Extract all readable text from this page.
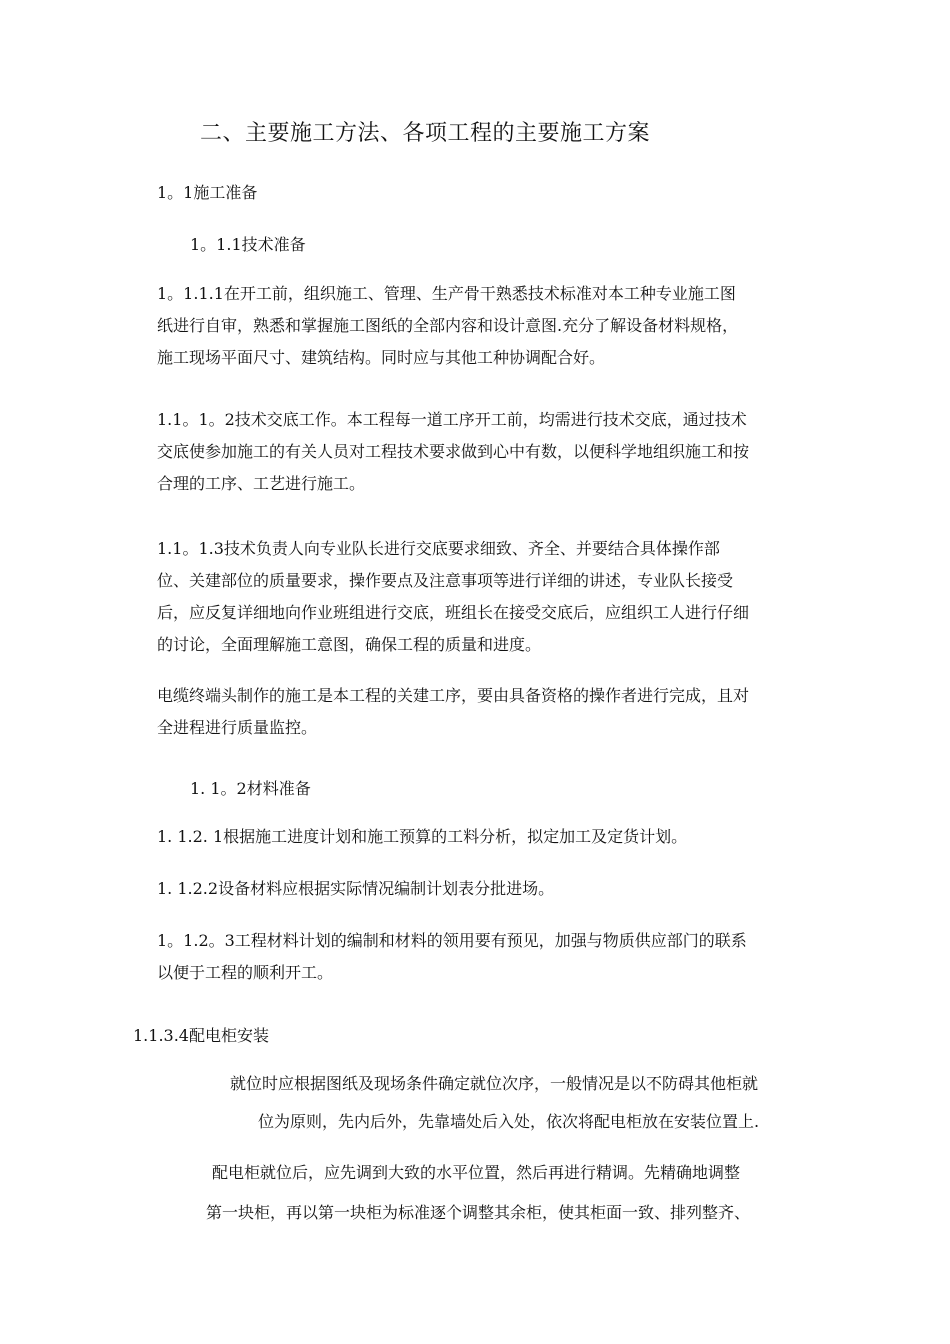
二、主要施工方法、各项工程的主要施工方案
1。1施工准备
1。1.1技术准备

1。1.1.1在开工前，组织施工、管理、生产骨干熟悉技术标准对本工种专业施工图

纸进行自审，熟悉和掌握施工图纸的全部内容和设计意图.充分了解设备材料规格，

施工现场平面尺寸、建筑结构。同时应与其他工种协调配合好。

1.1。1。2技术交底工作。本工程每一道工序开工前，均需进行技术交底，通过技术

交底使参加施工的有关人员对工程技术要求做到心中有数，以便科学地组织施工和按

合理的工序、工艺进行施工。

1.1。1.3技术负责人向专业队长进行交底要求细致、齐全、并要结合具体操作部

位、关建部位的质量要求，操作要点及注意事项等进行详细的讲述，专业队长接受

后，应反复详细地向作业班组进行交底，班组长在接受交底后，应组织工人进行仔细

的讨论，全面理解施工意图，确保工程的质量和进度。

电缆终端头制作的施工是本工程的关建工序，要由具备资格的操作者进行完成，且对

全进程进行质量监控。

1. 1。2材料准备

1. 1.2. 1根据施工进度计划和施工预算的工料分析，拟定加工及定货计划。

1. 1.2.2设备材料应根据实际情况编制计划表分批进场。

1。1.2。3工程材料计划的编制和材料的领用要有预见，加强与物质供应部门的联系

以便于工程的顺利开工。

1.1.3.4配电柜安装

就位时应根据图纸及现场条件确定就位次序，一般情况是以不防碍其他柜就

位为原则，先内后外，先靠墙处后入处，依次将配电柜放在安装位置上.

配电柜就位后，应先调到大致的水平位置，然后再进行精调。先精确地调整

第一块柜，再以第一块柜为标准逐个调整其余柜，使其柜面一致、排列整齐、
